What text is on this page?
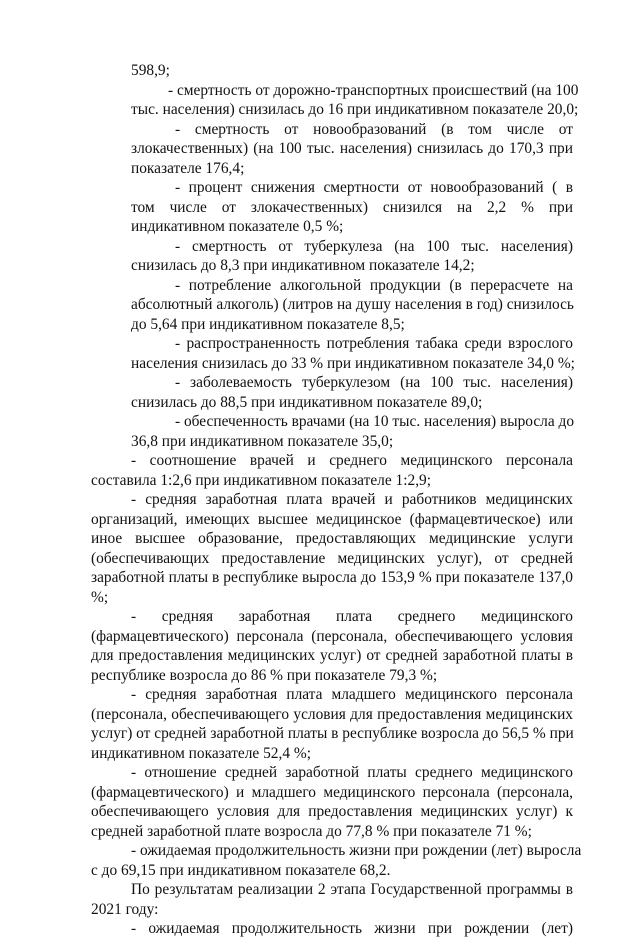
598,9;
- смертность от дорожно-транспортных происшествий (на 100
тыс. населения) снизилась до 16 при индикативном показателе 20,0;
- смертность от новообразований (в том числе от
злокачественных) (на 100 тыс. населения) снизилась до 170,3 при
показателе 176,4;
- процент снижения смертности от новообразований ( в
том числе от злокачественных) снизился на 2,2 % при
индикативном показателе 0,5 %;
- смертность от туберкулеза (на 100 тыс. населения)
снизилась до 8,3 при индикативном показателе 14,2;
- потребление алкогольной продукции (в перерасчете на
абсолютный алкоголь) (литров на душу населения в год) снизилось
до 5,64 при индикативном показателе 8,5;
- распространенность потребления табака среди взрослого
населения снизилась до 33 % при индикативном показателе 34,0 %;
- заболеваемость туберкулезом (на 100 тыс. населения)
снизилась до 88,5 при индикативном показателе 89,0;
- обеспеченность врачами (на 10 тыс. населения) выросла до
36,8 при индикативном показателе 35,0;
- соотношение врачей и среднего медицинского персонала
составила 1:2,6 при индикативном показателе 1:2,9;
- средняя заработная плата врачей и работников медицинских
организаций, имеющих высшее медицинское (фармацевтическое) или
иное высшее образование, предоставляющих медицинские услуги
(обеспечивающих предоставление медицинских услуг), от средней
заработной платы в республике выросла до 153,9 % при показателе 137,0
%;
- средняя заработная плата среднего медицинского
(фармацевтического) персонала (персонала, обеспечивающего условия
для предоставления медицинских услуг) от средней заработной платы в
республике возросла до 86 % при показателе 79,3 %;
- средняя заработная плата младшего медицинского персонала
(персонала, обеспечивающего условия для предоставления медицинских
услуг) от средней заработной платы в республике возросла до 56,5 % при
индикативном показателе 52,4 %;
- отношение средней заработной платы среднего медицинского
(фармацевтического) и младшего медицинского персонала (персонала,
обеспечивающего условия для предоставления медицинских услуг) к
средней заработной плате возросла до 77,8 % при показателе 71 %;
- ожидаемая продолжительность жизни при рождении (лет) выросла
с до 69,15 при индикативном показателе 68,2.
По результатам реализации 2 этапа Государственной программы в
2021 году:
- ожидаемая продолжительность жизни при рождении (лет)
